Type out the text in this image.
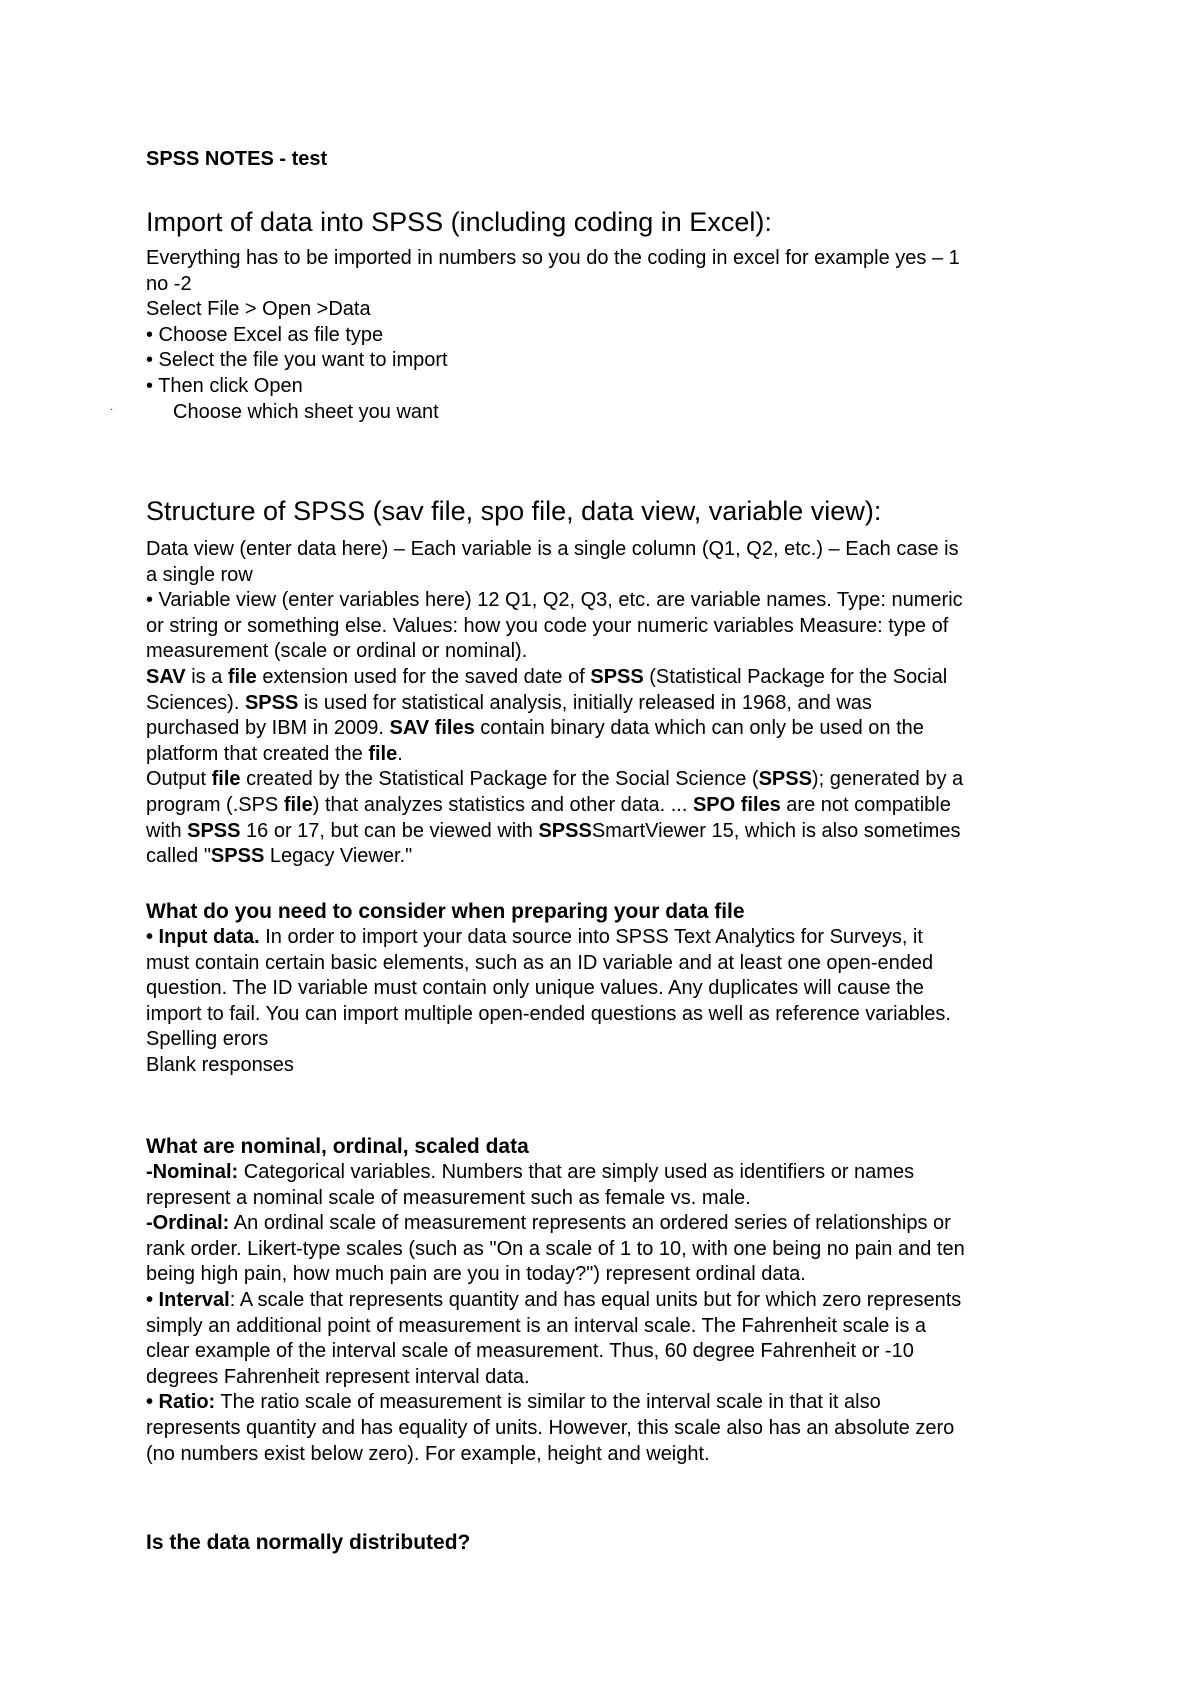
SPSS NOTES - test
Import of data into SPSS (including coding in Excel):
Everything has to be imported in numbers so you do the coding in excel for example yes – 1
no -2
Select File > Open >Data
• Choose Excel as file type
• Select the file you want to import
• Then click Open
Choose which sheet you want
·
Structure of SPSS (sav file, spo file, data view, variable view):
Data view (enter data here) – Each variable is a single column (Q1, Q2, etc.) – Each case is
a single row
• Variable view (enter variables here) 12 Q1, Q2, Q3, etc. are variable names. Type: numeric
or string or something else. Values: how you code your numeric variables Measure: type of
measurement (scale or ordinal or nominal).
SAV is a file extension used for the saved date of SPSS (Statistical Package for the Social
Sciences). SPSS is used for statistical analysis, initially released in 1968, and was
purchased by IBM in 2009. SAV files contain binary data which can only be used on the
platform that created the file.
Output file created by the Statistical Package for the Social Science (SPSS); generated by a
program (.SPS file) that analyzes statistics and other data. ... SPO files are not compatible
with SPSS 16 or 17, but can be viewed with SPSSSmartViewer 15, which is also sometimes
called "SPSS Legacy Viewer."
What do you need to consider when preparing your data file
• Input data. In order to import your data source into SPSS Text Analytics for Surveys, it
must contain certain basic elements, such as an ID variable and at least one open-ended
question. The ID variable must contain only unique values. Any duplicates will cause the
import to fail. You can import multiple open-ended questions as well as reference variables.
Spelling erors
Blank responses
What are nominal, ordinal, scaled data
-Nominal: Categorical variables. Numbers that are simply used as identifiers or names
represent a nominal scale of measurement such as female vs. male.
-Ordinal: An ordinal scale of measurement represents an ordered series of relationships or
rank order. Likert-type scales (such as "On a scale of 1 to 10, with one being no pain and ten
being high pain, how much pain are you in today?") represent ordinal data.
• Interval: A scale that represents quantity and has equal units but for which zero represents
simply an additional point of measurement is an interval scale. The Fahrenheit scale is a
clear example of the interval scale of measurement. Thus, 60 degree Fahrenheit or -10
degrees Fahrenheit represent interval data.
• Ratio: The ratio scale of measurement is similar to the interval scale in that it also
represents quantity and has equality of units. However, this scale also has an absolute zero
(no numbers exist below zero). For example, height and weight.
Is the data normally distributed?
